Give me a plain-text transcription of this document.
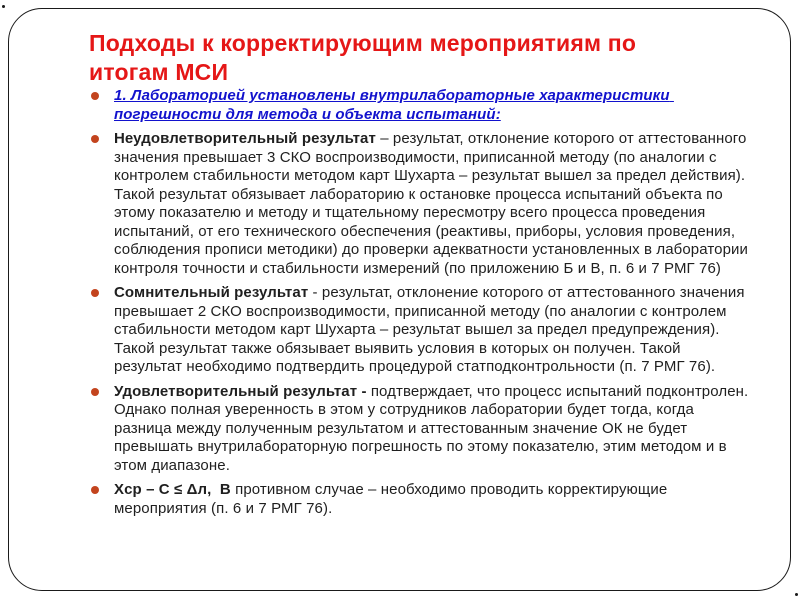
Подходы к корректирующим мероприятиям по итогам МСИ
1. Лабораторией установлены внутрилабораторные характеристики погрешности для метода и объекта испытаний:
Неудовлетворительный результат – результат, отклонение которого от аттестованного значения превышает 3 СКО воспроизводимости, приписанной методу (по аналогии с контролем стабильности методом карт Шухарта – результат вышел за предел действия). Такой результат обязывает лабораторию к остановке процесса испытаний объекта по этому показателю и методу и тщательному пересмотру всего процесса проведения испытаний, от его технического обеспечения (реактивы, приборы, условия проведения, соблюдения прописи методики) до проверки адекватности установленных в лаборатории контроля точности и стабильности измерений (по приложению Б и В, п. 6 и 7 РМГ 76)
Сомнительный результат - результат, отклонение которого от аттестованного значения превышает 2 СКО воспроизводимости, приписанной методу (по аналогии с контролем стабильности методом карт Шухарта – результат вышел за предел предупреждения). Такой результат также обязывает выявить условия в которых он получен. Такой результат необходимо подтвердить процедурой статподконтрольности (п. 7 РМГ 76).
Удовлетворительный результат - подтверждает, что процесс испытаний подконтролен. Однако полная уверенность в этом у сотрудников лаборатории будет тогда, когда разница между полученным результатом и аттестованным значение ОК не будет превышать внутрилабораторную погрешность по этому показателю, этим методом и в этом диапазоне.
Хср – С ≤ Δл,  В противном случае – необходимо проводить корректирующие мероприятия (п. 6 и 7 РМГ 76).
